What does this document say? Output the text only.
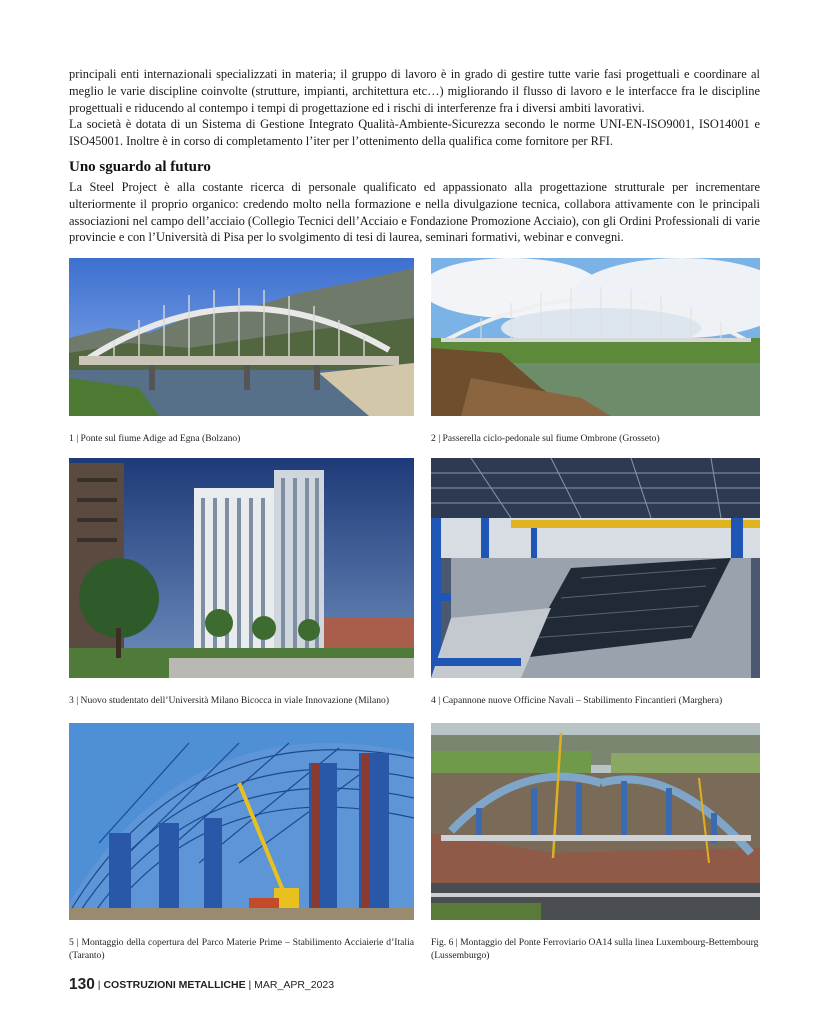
principali enti internazionali specializzati in materia; il gruppo di lavoro è in grado di gestire tutte varie fasi progettuali e coordinare al meglio le varie discipline coinvolte (strutture, impianti, architettura etc…) migliorando il flusso di lavoro e le interfacce fra le discipline progettuali e riducendo al contempo i tempi di progettazione ed i rischi di interferenze fra i diversi ambiti lavorativi.

La società è dotata di un Sistema di Gestione Integrato Qualità-Ambiente-Sicurezza secondo le norme UNI-EN-ISO9001, ISO14001 e ISO45001. Inoltre è in corso di completamento l’iter per l’ottenimento della qualifica come fornitore per RFI.

Uno sguardo al futuro

La Steel Project è alla costante ricerca di personale qualificato ed appassionato alla progettazione strutturale per incrementare ulteriormente il proprio organico: credendo molto nella formazione e nella divulgazione tecnica, collabora attivamente con le principali associazioni nel campo dell’acciaio (Collegio Tecnici dell’Acciaio e Fondazione Promozione Acciaio), con gli Ordini Professionali di varie provincie e con l’Università di Pisa per lo svolgimento di tesi di laurea, seminari formativi, webinar e convegni.

1 | Ponte sul fiume Adige ad Egna (Bolzano)	2 | Passerella ciclo-pedonale sul fiume Ombrone (Grosseto)
3 | Nuovo studentato dell’Università Milano Bicocca in viale Innovazione (Milano)	4 | Capannone nuove Officine Navali – Stabilimento Fincantieri (Marghera)
5 | Montaggio della copertura del Parco Materie Prime – Stabilimento Acciaierie d’Italia (Taranto)
Fig. 6 | Montaggio del Ponte Ferroviario OA14 sulla linea Luxembourg-Bettembourg (Lussemburgo)
130 | COSTRUZIONI METALLICHE | MAR_APR_2023
